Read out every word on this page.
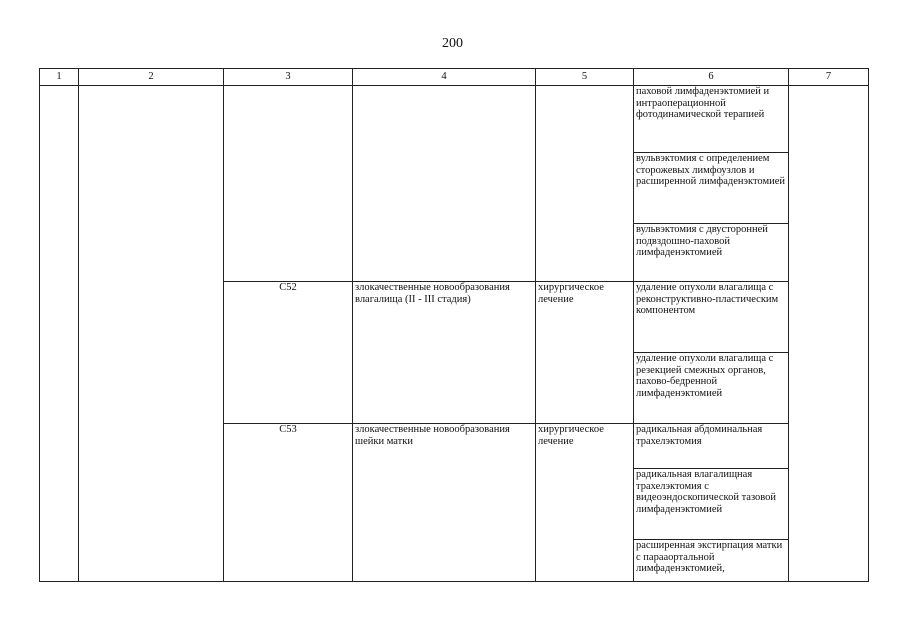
200
1	2	3	4	5	6	7

					паховой лимфаденэктомией и интраоперационной фотодинамической терапией	

					вульвэктомия с определением сторожевых лимфоузлов и расширенной лимфаденэктомией	

					вульвэктомия с двусторонней подвздошно-паховой лимфаденэктомией	

		C52	злокачественные новообразования влагалища (II - III стадия)	хирургическое лечение	удаление опухоли влагалища с реконструктивно-пластическим компонентом	

					удаление опухоли влагалища с резекцией смежных органов, пахово-бедренной лимфаденэктомией	

		C53	злокачественные новообразования шейки матки	хирургическое лечение	радикальная абдоминальная трахелэктомия	

					радикальная влагалищная трахелэктомия с видеоэндоскопической тазовой лимфаденэктомией	

					расширенная экстирпация матки с парааортальной лимфаденэктомией,	
